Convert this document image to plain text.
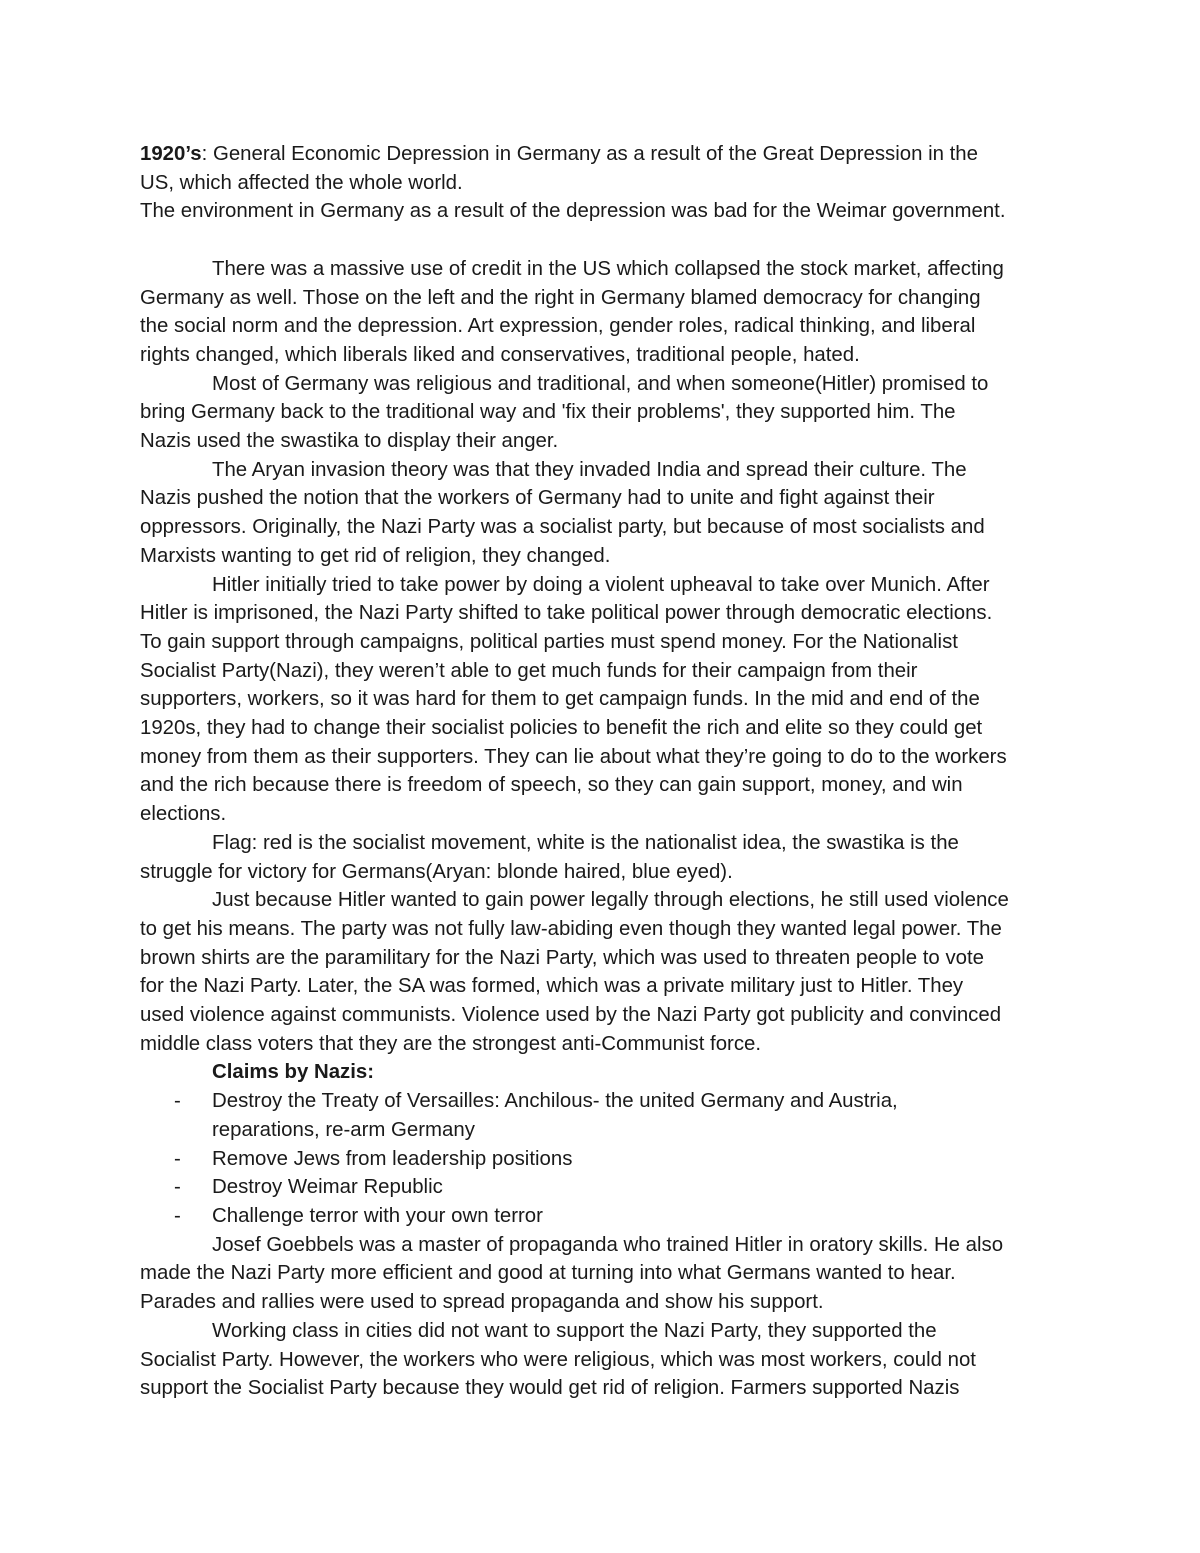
1920’s: General Economic Depression in Germany as a result of the Great Depression in the
US, which affected the whole world.
The environment in Germany as a result of the depression was bad for the Weimar government.
There was a massive use of credit in the US which collapsed the stock market, affecting
Germany as well. Those on the left and the right in Germany blamed democracy for changing
the social norm and the depression. Art expression, gender roles, radical thinking, and liberal
rights changed, which liberals liked and conservatives, traditional people, hated.
Most of Germany was religious and traditional, and when someone(Hitler) promised to
bring Germany back to the traditional way and 'fix their problems', they supported him. The
Nazis used the swastika to display their anger.
The Aryan invasion theory was that they invaded India and spread their culture. The
Nazis pushed the notion that the workers of Germany had to unite and fight against their
oppressors. Originally, the Nazi Party was a socialist party, but because of most socialists and
Marxists wanting to get rid of religion, they changed.
Hitler initially tried to take power by doing a violent upheaval to take over Munich. After
Hitler is imprisoned, the Nazi Party shifted to take political power through democratic elections.
To gain support through campaigns, political parties must spend money. For the Nationalist
Socialist Party(Nazi), they weren’t able to get much funds for their campaign from their
supporters, workers, so it was hard for them to get campaign funds. In the mid and end of the
1920s, they had to change their socialist policies to benefit the rich and elite so they could get
money from them as their supporters. They can lie about what they’re going to do to the workers
and the rich because there is freedom of speech, so they can gain support, money, and win
elections.
Flag: red is the socialist movement, white is the nationalist idea, the swastika is the
struggle for victory for Germans(Aryan: blonde haired, blue eyed).
Just because Hitler wanted to gain power legally through elections, he still used violence
to get his means. The party was not fully law-abiding even though they wanted legal power. The
brown shirts are the paramilitary for the Nazi Party, which was used to threaten people to vote
for the Nazi Party. Later, the SA was formed, which was a private military just to Hitler. They
used violence against communists. Violence used by the Nazi Party got publicity and convinced
middle class voters that they are the strongest anti-Communist force.
Claims by Nazis:
- Destroy the Treaty of Versailles: Anchilous- the united Germany and Austria,
reparations, re-arm Germany
- Remove Jews from leadership positions
- Destroy Weimar Republic
- Challenge terror with your own terror
Josef Goebbels was a master of propaganda who trained Hitler in oratory skills. He also
made the Nazi Party more efficient and good at turning into what Germans wanted to hear.
Parades and rallies were used to spread propaganda and show his support.
Working class in cities did not want to support the Nazi Party, they supported the
Socialist Party. However, the workers who were religious, which was most workers, could not
support the Socialist Party because they would get rid of religion. Farmers supported Nazis
